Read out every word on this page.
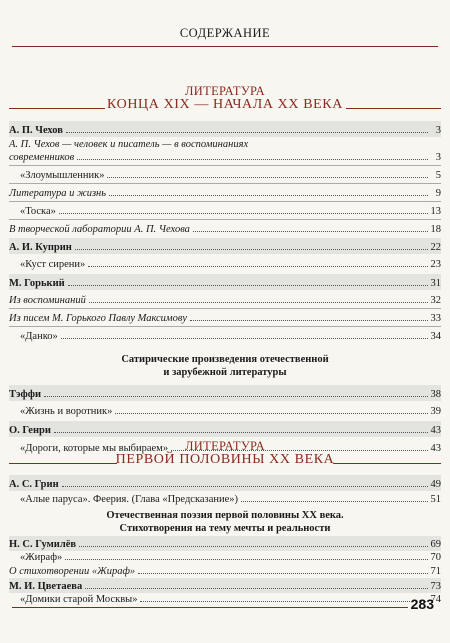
СОДЕРЖАНИЕ
ЛИТЕРАТУРА
КОНЦА XIX — НАЧАЛА XX ВЕКА
А. П. Чехов	3
А. П. Чехов — человек и писатель — в воспоминаниях
современников	3
«Злоумышленник»	5
Литература и жизнь	9
«Тоска»	13
В творческой лаборатории А. П. Чехова	18
А. И. Куприн	22
«Куст сирени»	23
М. Горький	31
Из воспоминаний	32
Из писем М. Горького Павлу Максимову	33
«Данко»	34
Сатирические произведения отечественной
и зарубежной литературы
Тэффи	38
«Жизнь и воротник»	39
О. Генри	43
«Дороги, которые мы выбираем»	43
ЛИТЕРАТУРА
ПЕРВОЙ ПОЛОВИНЫ XX ВЕКА
А. С. Грин	49
«Алые паруса». Феерия. (Глава «Предсказание»)	51
Отечественная поэзия первой половины XX века.
Стихотворения на тему мечты и реальности
283
Н. С. Гумилёв	69
«Жираф»	70
О стихотворении «Жираф»	71
М. И. Цветаева	73
«Домики старой Москвы»	74
